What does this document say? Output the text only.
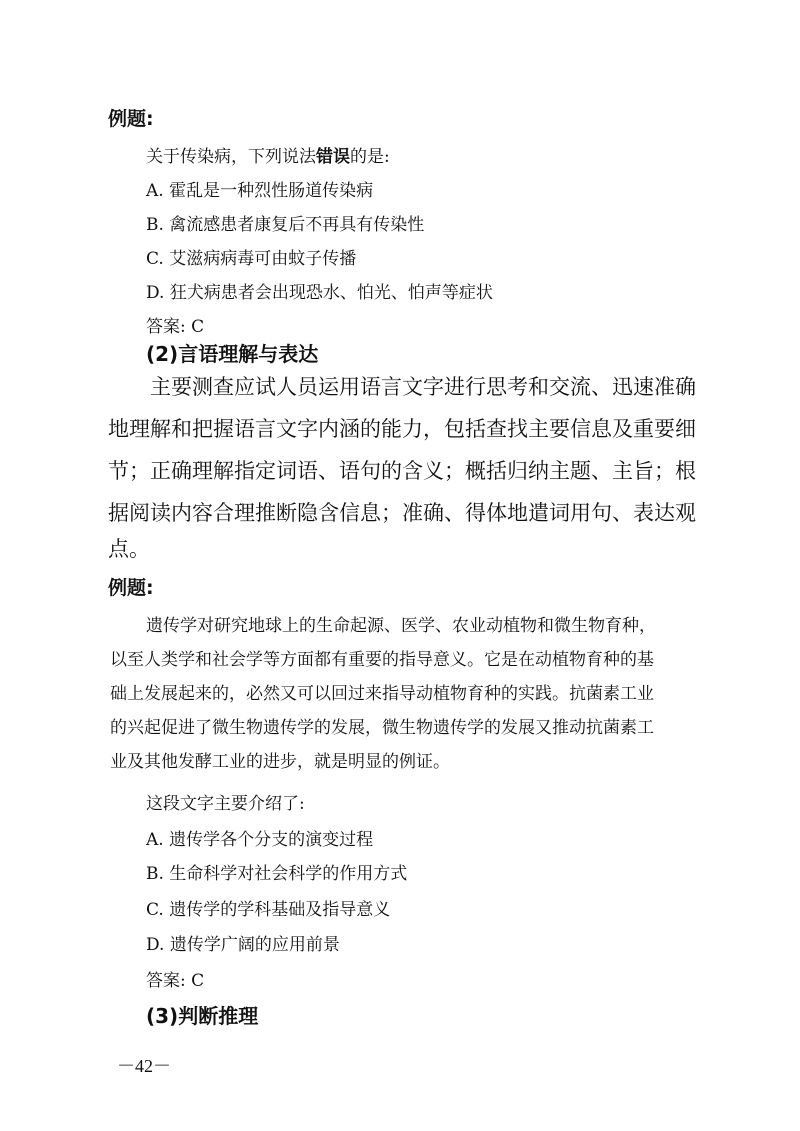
例题:
关于传染病，下列说法错误的是:
A. 霍乱是一种烈性肠道传染病
B. 禽流感患者康复后不再具有传染性
C. 艾滋病病毒可由蚊子传播
D. 狂犬病患者会出现恐水、怕光、怕声等症状
答案: C
(2)言语理解与表达
主要测查应试人员运用语言文字进行思考和交流、迅速准确
地理解和把握语言文字内涵的能力，包括查找主要信息及重要细
节；正确理解指定词语、语句的含义；概括归纳主题、主旨；根
据阅读内容合理推断隐含信息；准确、得体地遣词用句、表达观
点。
例题:
遗传学对研究地球上的生命起源、医学、农业动植物和微生物育种，
以至人类学和社会学等方面都有重要的指导意义。它是在动植物育种的基
础上发展起来的，必然又可以回过来指导动植物育种的实践。抗菌素工业
的兴起促进了微生物遗传学的发展，微生物遗传学的发展又推动抗菌素工
业及其他发酵工业的进步，就是明显的例证。
这段文字主要介绍了:
A. 遗传学各个分支的演变过程
B. 生命科学对社会科学的作用方式
C. 遗传学的学科基础及指导意义
D. 遗传学广阔的应用前景
答案: C
(3)判断推理
－42－
